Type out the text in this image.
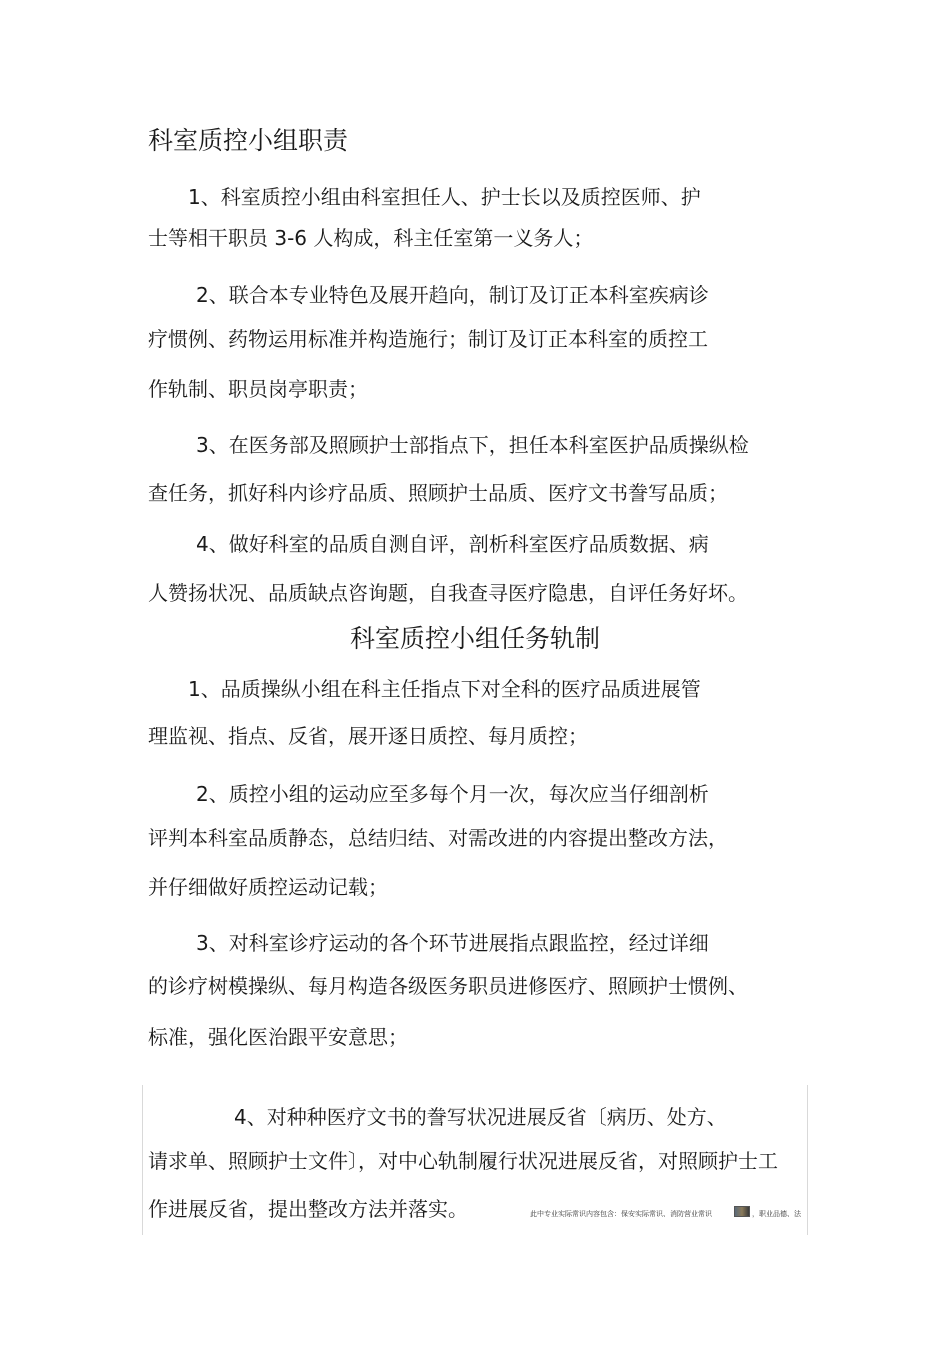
科室质控小组职责
1、科室质控小组由科室担任人、护士长以及质控医师、护
士等相干职员 3-6 人构成，科主任室第一义务人；
2、联合本专业特色及展开趋向，制订及订正本科室疾病诊
疗惯例、药物运用标准并构造施行；制订及订正本科室的质控工
作轨制、职员岗亭职责；
3、在医务部及照顾护士部指点下，担任本科室医护品质操纵检
查任务，抓好科内诊疗品质、照顾护士品质、医疗文书誊写品质；
4、做好科室的品质自测自评，剖析科室医疗品质数据、病
人赞扬状况、品质缺点咨询题，自我查寻医疗隐患，自评任务好坏。
科室质控小组任务轨制
1、品质操纵小组在科主任指点下对全科的医疗品质进展管
理监视、指点、反省，展开逐日质控、每月质控；
2、质控小组的运动应至多每个月一次，每次应当仔细剖析
评判本科室品质静态，总结归结、对需改进的内容提出整改方法，
并仔细做好质控运动记载；
3、对科室诊疗运动的各个环节进展指点跟监控，经过详细
的诊疗树模操纵、每月构造各级医务职员进修医疗、照顾护士惯例、
标准，强化医治跟平安意思；
4、对种种医疗文书的誊写状况进展反省〔病历、处方、
请求单、照顾护士文件〕，对中心轨制履行状况进展反省，对照顾护士工
作进展反省，提出整改方法并落实。	此中专业实际常识内容包含：保安实际常识、消防营业常识	，职业品德、法
